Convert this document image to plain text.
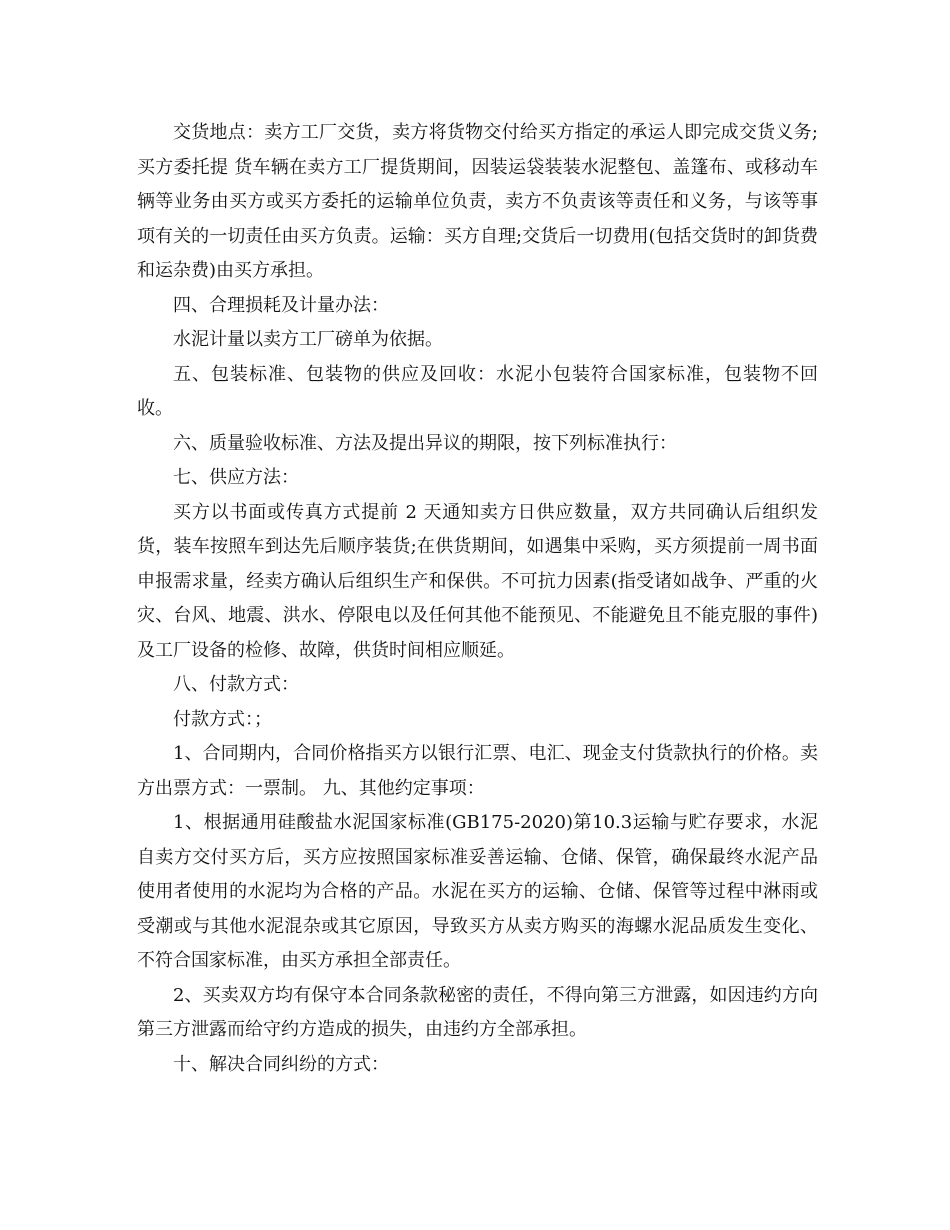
交货地点：卖方工厂交货，卖方将货物交付给买方指定的承运人即完成交货义务;买方委托提 货车辆在卖方工厂提货期间，因装运袋装装水泥整包、盖篷布、或移动车辆等业务由买方或买方委托的运输单位负责，卖方不负责该等责任和义务，与该等事项有关的一切责任由买方负责。运输：买方自理;交货后一切费用(包括交货时的卸货费和运杂费)由买方承担。

四、合理损耗及计量办法：

水泥计量以卖方工厂磅单为依据。

五、包装标准、包装物的供应及回收：水泥小包装符合国家标准，包装物不回收。

六、质量验收标准、方法及提出异议的期限，按下列标准执行：

七、供应方法：

买方以书面或传真方式提前 2 天通知卖方日供应数量，双方共同确认后组织发货，装车按照车到达先后顺序装货;在供货期间，如遇集中采购，买方须提前一周书面申报需求量，经卖方确认后组织生产和保供。不可抗力因素(指受诸如战争、严重的火灾、台风、地震、洪水、停限电以及任何其他不能预见、不能避免且不能克服的事件)及工厂设备的检修、故障，供货时间相应顺延。

八、付款方式：

付款方式：；

1、合同期内，合同价格指买方以银行汇票、电汇、现金支付货款执行的价格。卖方出票方式：一票制。 九、其他约定事项：

1、根据通用硅酸盐水泥国家标准(GB175-2020)第10.3运输与贮存要求，水泥自卖方交付买方后，买方应按照国家标准妥善运输、仓储、保管，确保最终水泥产品使用者使用的水泥均为合格的产品。水泥在买方的运输、仓储、保管等过程中淋雨或受潮或与其他水泥混杂或其它原因，导致买方从卖方购买的海螺水泥品质发生变化、不符合国家标准，由买方承担全部责任。

2、买卖双方均有保守本合同条款秘密的责任，不得向第三方泄露，如因违约方向第三方泄露而给守约方造成的损失，由违约方全部承担。

十、解决合同纠纷的方式：
